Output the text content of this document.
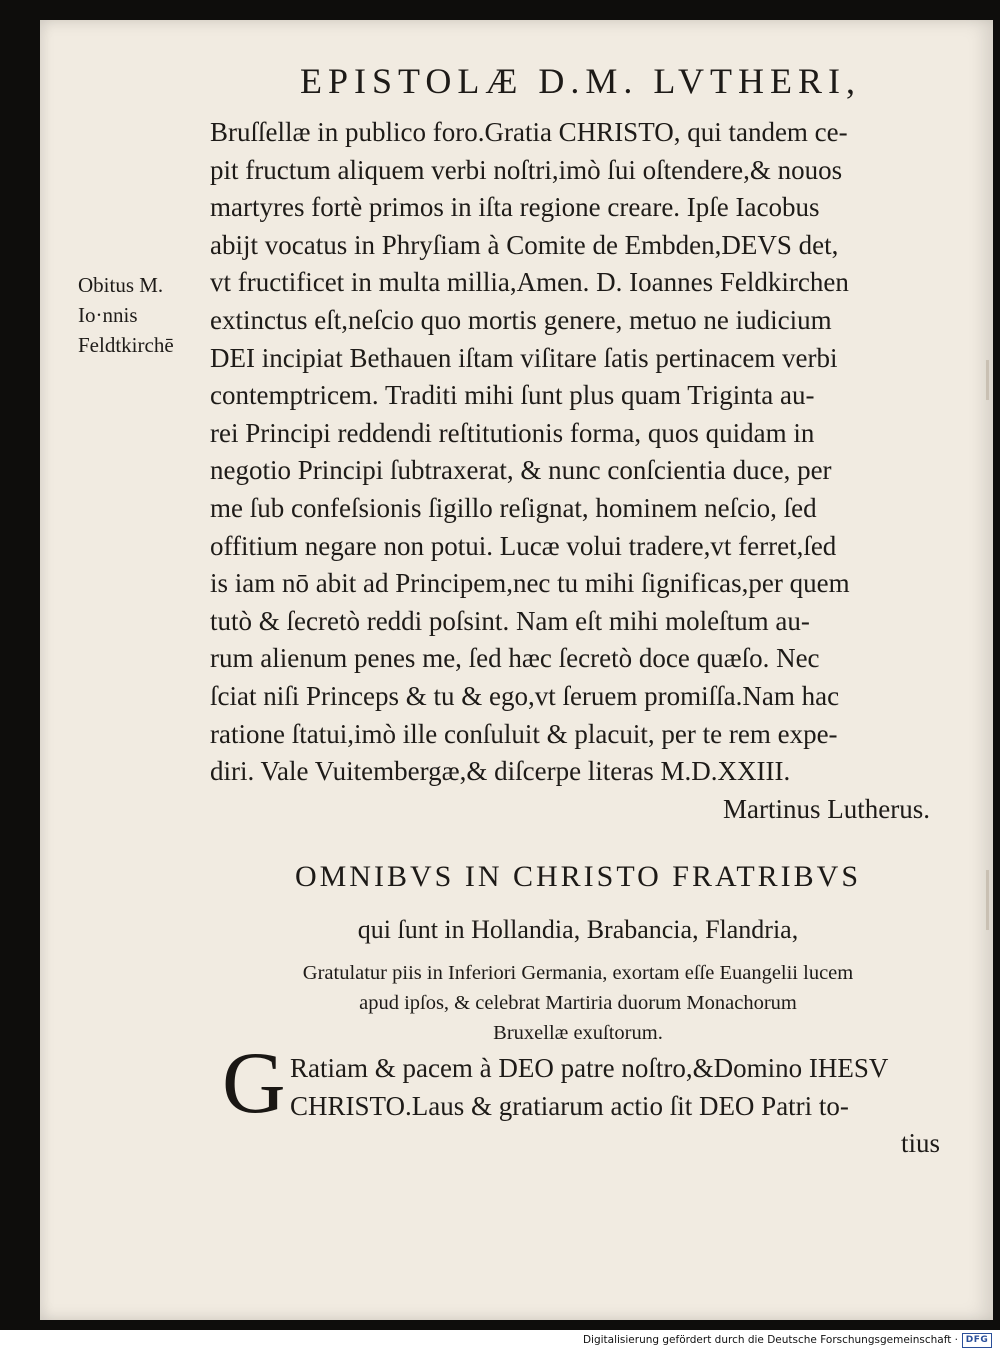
EPISTOLÆ D.M. LVTHERI,
Obitus M.
Io·nnis
Feldtkirchē
Bruſſellæ in publico foro.Gratia CHRISTO, qui tandem ce-
pit fructum aliquem verbi noſtri,imò ſui oſtendere,& nouos
martyres fortè primos in iſta regione creare. Ipſe Iacobus
abijt vocatus in Phryſiam à Comite de Embden,DEVS det,
vt fructificet in multa millia,Amen. D. Ioannes Feldkirchen
extinctus eſt,neſcio quo mortis genere, metuo ne iudicium
DEI incipiat Bethauen iſtam viſitare ſatis pertinacem verbi
contemptricem. Traditi mihi ſunt plus quam Triginta au-
rei Principi reddendi reſtitutionis forma, quos quidam in
negotio Principi ſubtraxerat, & nunc conſcientia duce, per
me ſub confeſsionis ſigillo reſignat, hominem neſcio, ſed
offitium negare non potui. Lucæ volui tradere,vt ferret,ſed
is iam nō abit ad Principem,nec tu mihi ſignificas,per quem
tutò & ſecretò reddi poſsint. Nam eſt mihi moleſtum au-
rum alienum penes me, ſed hæc ſecretò doce quæſo. Nec
ſciat niſi Princeps & tu & ego,vt ſeruem promiſſa.Nam hac
ratione ſtatui,imò ille conſuluit & placuit, per te rem expe-
diri. Vale Vuitembergæ,& diſcerpe literas M.D.XXIII.
Martinus Lutherus.
OMNIBVS IN CHRISTO FRATRIBVS
qui ſunt in Hollandia, Brabancia, Flandria,
Gratulatur piis in Inferiori Germania, exortam eſſe Euangelii lucem
apud ipſos, & celebrat Martiria duorum Monachorum
Bruxellæ exuſtorum.
G Ratiam & pacem à DEO patre noſtro,&Domino IHESV
CHRISTO.Laus & gratiarum actio ſit DEO Patri to-
tius
Digitalisierung gefördert durch die Deutsche Forschungsgemeinschaft · DFG
